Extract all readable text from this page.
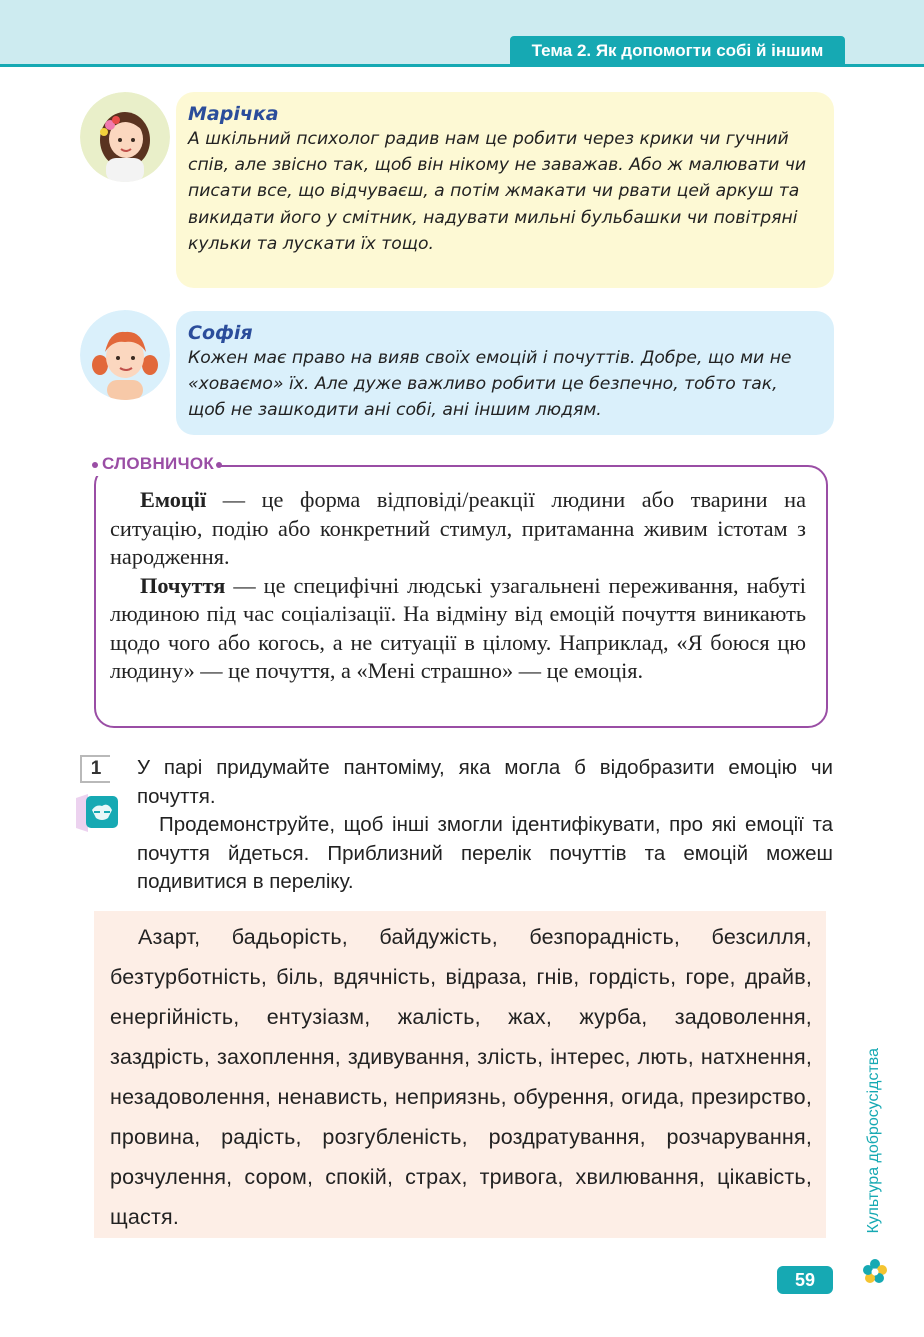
Тема 2. Як допомогти собі й іншим
Марічка
А шкільний психолог радив нам це робити через крики чи гучний спів, але звісно так, щоб він нікому не заважав. Або ж малювати чи писати все, що відчуваєш, а потім жмакати чи рвати цей аркуш та викидати його у смітник, надувати мильні бульбашки чи повітряні кульки та лускати їх тощо.
Софія
Кожен має право на вияв своїх емоцій і почуттів. Добре, що ми не «ховаємо» їх. Але дуже важливо робити це безпечно, тобто так, щоб не зашкодити ані собі, ані іншим людям.
СЛОВНИЧОК

Емоції — це форма відповіді/реакції людини або тварини на ситуацію, подію або конкретний стимул, притаманна живим істотам з народження.

Почуття — це специфічні людські узагальнені переживання, набуті людиною під час соціалізації. На відміну від емоцій почуття виникають щодо чого або когось, а не ситуації в цілому. Наприклад, «Я боюся цю людину» — це почуття, а «Мені страшно» — це емоція.

1	У парі придумайте пантоміму, яка могла б відобразити емоцію чи почуття.

Продемонструйте, щоб інші змогли ідентифікувати, про які емоції та почуття йдеться. Приблизний перелік почуттів та емоцій можеш подивитися в переліку.

Азарт, бадьорість, байдужість, безпорадність, безсилля, безтурботність, біль, вдячність, відраза, гнів, гордість, горе, драйв, енергійність, ентузіазм, жалість, жах, журба, задоволення, заздрість, захоплення, здивування, злість, інтерес, лють, натхнення, незадоволення, ненависть, неприязнь, обурення, огида, презирство, провина, радість, розгубленість, роздратування, розчарування, розчулення, сором, спокій, страх, тривога, хвилювання, цікавість, щастя.	Культура добросусідства
59
